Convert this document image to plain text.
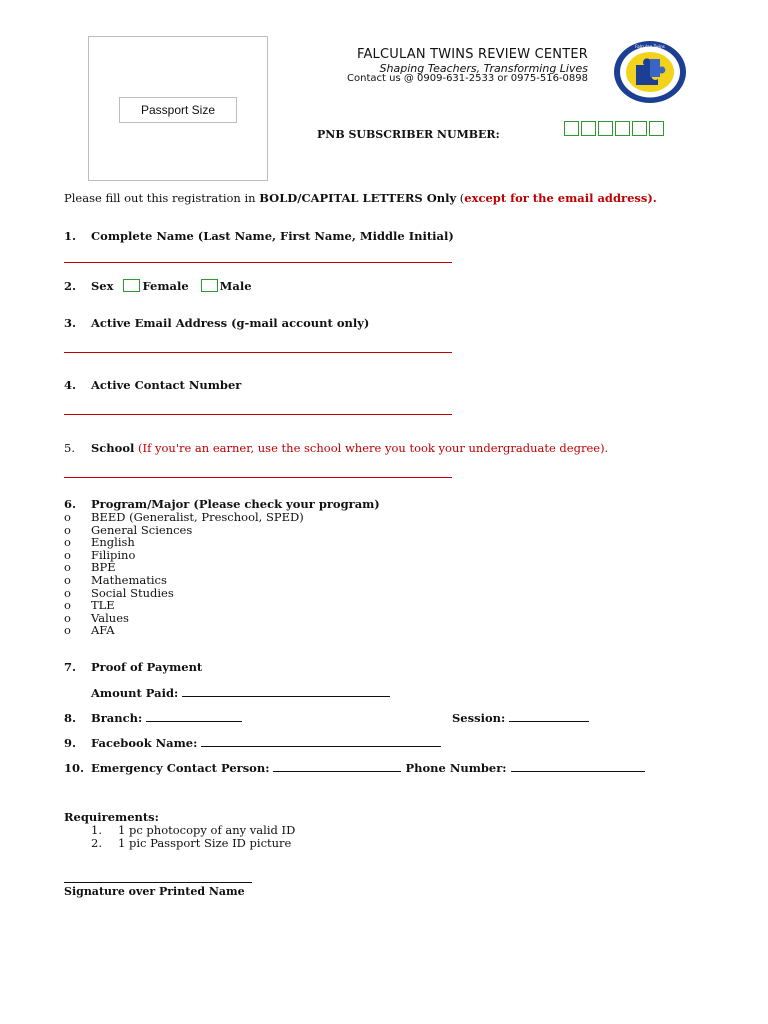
Passport Size
FALCULAN TWINS REVIEW CENTER
Shaping Teachers, Transforming Lives
Contact us @ 0909-631-2533 or 0975-516-0898
Falculan Twins
PNB SUBSCRIBER NUMBER:
Please fill out this registration in BOLD/CAPITAL LETTERS Only (except for the email address).
1. Complete Name (Last Name, First Name, Middle Initial)
2. Sex	Female	Male
3. Active Email Address (g-mail account only)
4. Active Contact Number
5. School (If you're an earner, use the school where you took your undergraduate degree).
6. Program/Major (Please check your program)
o BEED (Generalist, Preschool, SPED)
o General Sciences
o English
o Filipino
o BPE
o Mathematics
o Social Studies
o TLE
o Values
o AFA
7. Proof of Payment
Amount Paid:
8. Branch:	Session:
9. Facebook Name:
10. Emergency Contact Person:	Phone Number:
Requirements:
1. 1 pc photocopy of any valid ID
2. 1 pic Passport Size ID picture
Signature over Printed Name
